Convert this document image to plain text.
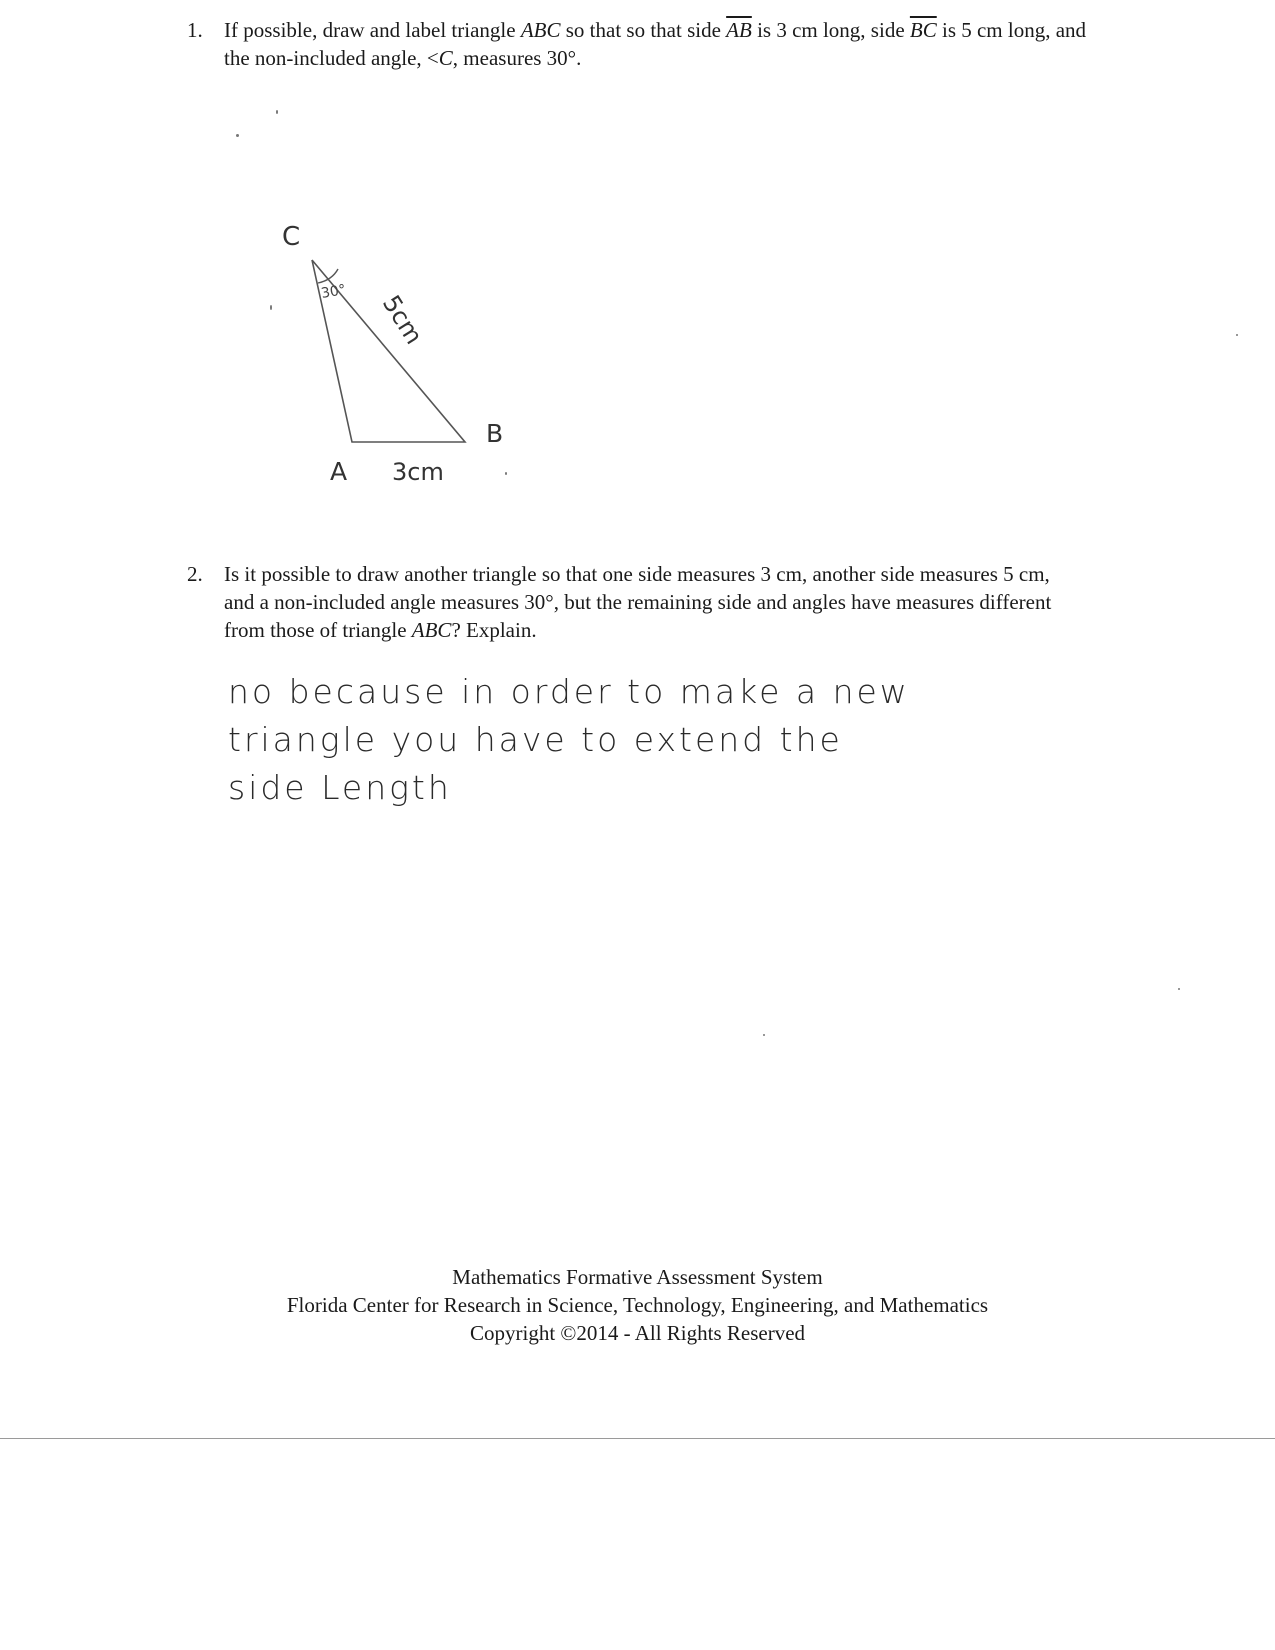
1. If possible, draw and label triangle ABC so that so that side $\overline{AB}$ is 3 cm long, side $\overline{BC}$ is 5 cm long, and the non-included angle, <C, measures 30°.
C
30° 5cm
A 3cm
B
2. Is it possible to draw another triangle so that one side measures 3 cm, another side measures 5 cm, and a non-included angle measures 30°, but the remaining side and angles have measures different from those of triangle ABC? Explain.
no because in order to make a new
triangle you have to extend the
side Length
Mathematics Formative Assessment System
Florida Center for Research in Science, Technology, Engineering, and Mathematics
Copyright ©2014 - All Rights Reserved
